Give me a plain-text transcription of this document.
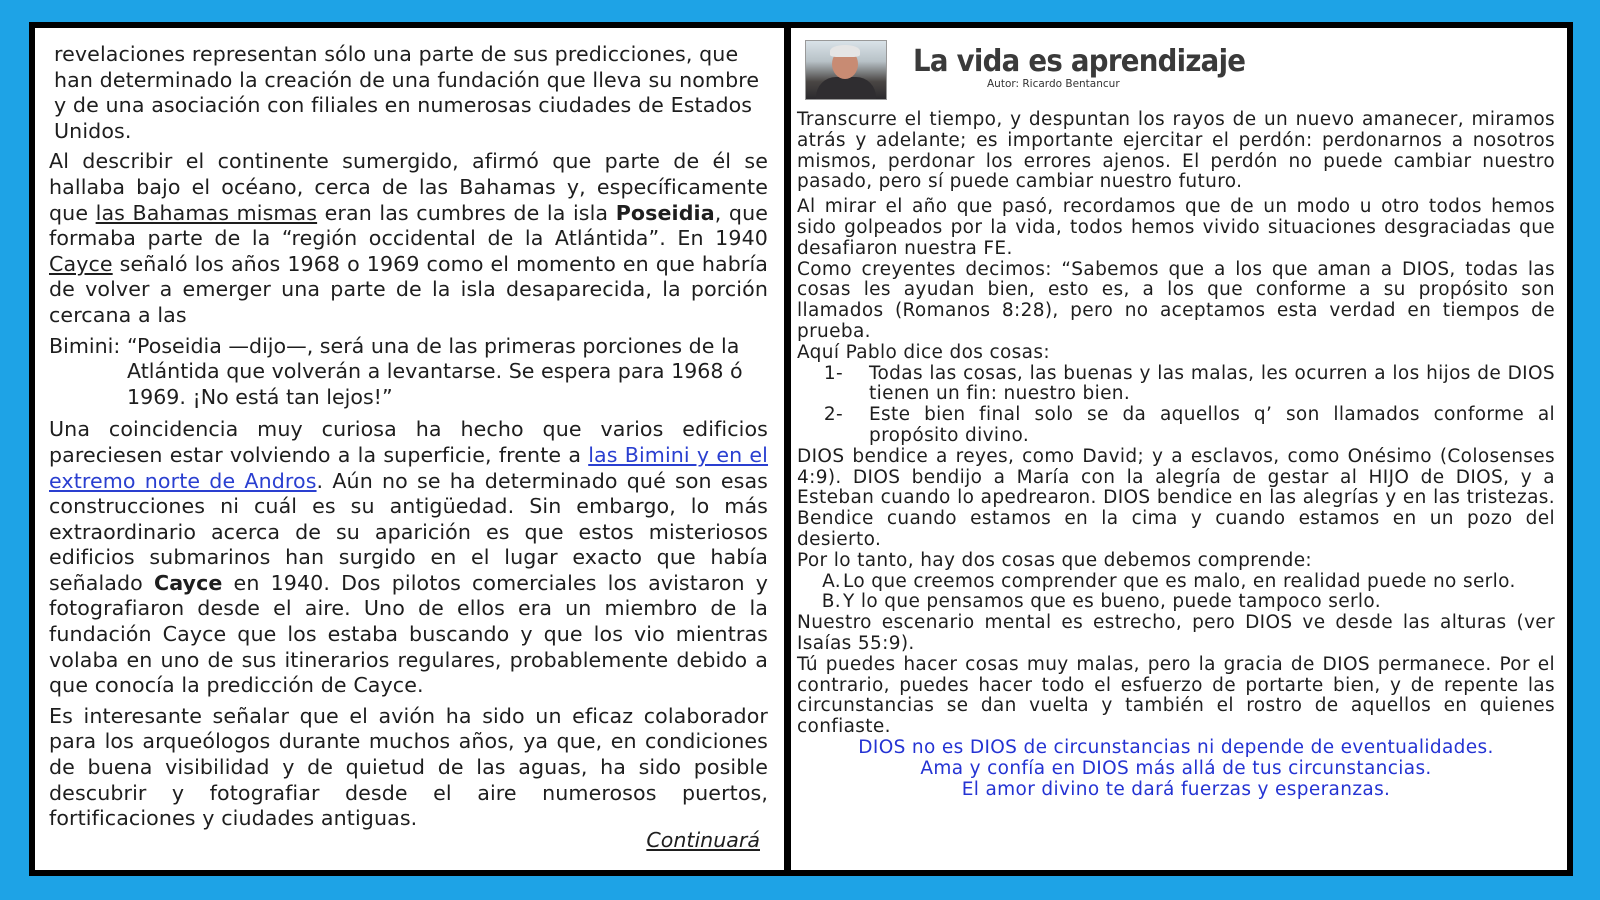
revelaciones representan sólo una parte de sus predicciones, que han determinado la creación de una fundación que lleva su nombre y de una asociación con filiales en numerosas ciudades de Estados Unidos.

Al describir el continente sumergido, afirmó que parte de él se hallaba bajo el océano, cerca de las Bahamas y, específicamente que las Bahamas mismas eran las cumbres de la isla Poseidia, que formaba parte de la “región occidental de la Atlántida”. En 1940 Cayce señaló los años 1968 o 1969 como el momento en que habría de volver a emerger una parte de la isla desaparecida, la porción cercana a las

Bimini: “Poseidia —dijo—, será una de las primeras porciones de la Atlántida que volverán a levantarse. Se espera para 1968 ó 1969. ¡No está tan lejos!”

Una coincidencia muy curiosa ha hecho que varios edificios pareciesen estar volviendo a la superficie, frente a las Bimini y en el extremo norte de Andros. Aún no se ha determinado qué son esas construcciones ni cuál es su antigüedad. Sin embargo, lo más extraordinario acerca de su aparición es que estos misteriosos edificios submarinos han surgido en el lugar exacto que había señalado Cayce en 1940. Dos pilotos comerciales los avistaron y fotografiaron desde el aire. Uno de ellos era un miembro de la fundación Cayce que los estaba buscando y que los vio mientras volaba en uno de sus itinerarios regulares, probablemente debido a que conocía la predicción de Cayce.

Es interesante señalar que el avión ha sido un eficaz colaborador para los arqueólogos durante muchos años, ya que, en condiciones de buena visibilidad y de quietud de las aguas, ha sido posible descubrir y fotografiar desde el aire numerosos puertos, fortificaciones y ciudades antiguas.

Continuará
La vida es aprendizaje
Autor: Ricardo Bentancur

Transcurre el tiempo, y despuntan los rayos de un nuevo amanecer, miramos atrás y adelante; es importante ejercitar el perdón: perdonarnos a nosotros mismos, perdonar los errores ajenos. El perdón no puede cambiar nuestro pasado, pero sí puede cambiar nuestro futuro.

Al mirar el año que pasó, recordamos que de un modo u otro todos hemos sido golpeados por la vida, todos hemos vivido situaciones desgraciadas que desafiaron nuestra FE.

Como creyentes decimos: “Sabemos que a los que aman a DIOS, todas las cosas les ayudan bien, esto es, a los que conforme a su propósito son llamados (Romanos 8:28), pero no aceptamos esta verdad en tiempos de prueba.

Aquí Pablo dice dos cosas:

1-	Todas las cosas, las buenas y las malas, les ocurren a los hijos de DIOS tienen un fin: nuestro bien.
2-	Este bien final solo se da aquellos q’ son llamados conforme al propósito divino.

DIOS bendice a reyes, como David; y a esclavos, como Onésimo (Colosenses 4:9). DIOS bendijo a María con la alegría de gestar al HIJO de DIOS, y a Esteban cuando lo apedrearon. DIOS bendice en las alegrías y en las tristezas. Bendice cuando estamos en la cima y cuando estamos en un pozo del desierto.

Por lo tanto, hay dos cosas que debemos comprende:

A. Lo que creemos comprender que es malo, en realidad puede no serlo.
B. Y lo que pensamos que es bueno, puede tampoco serlo.

Nuestro escenario mental es estrecho, pero DIOS ve desde las alturas (ver Isaías 55:9).

Tú puedes hacer cosas muy malas, pero la gracia de DIOS permanece. Por el contrario, puedes hacer todo el esfuerzo de portarte bien, y de repente las circunstancias se dan vuelta y también el rostro de aquellos en quienes confiaste.

DIOS no es DIOS de circunstancias ni depende de eventualidades.

Ama y confía en DIOS más allá de tus circunstancias.

El amor divino te dará fuerzas y esperanzas.
